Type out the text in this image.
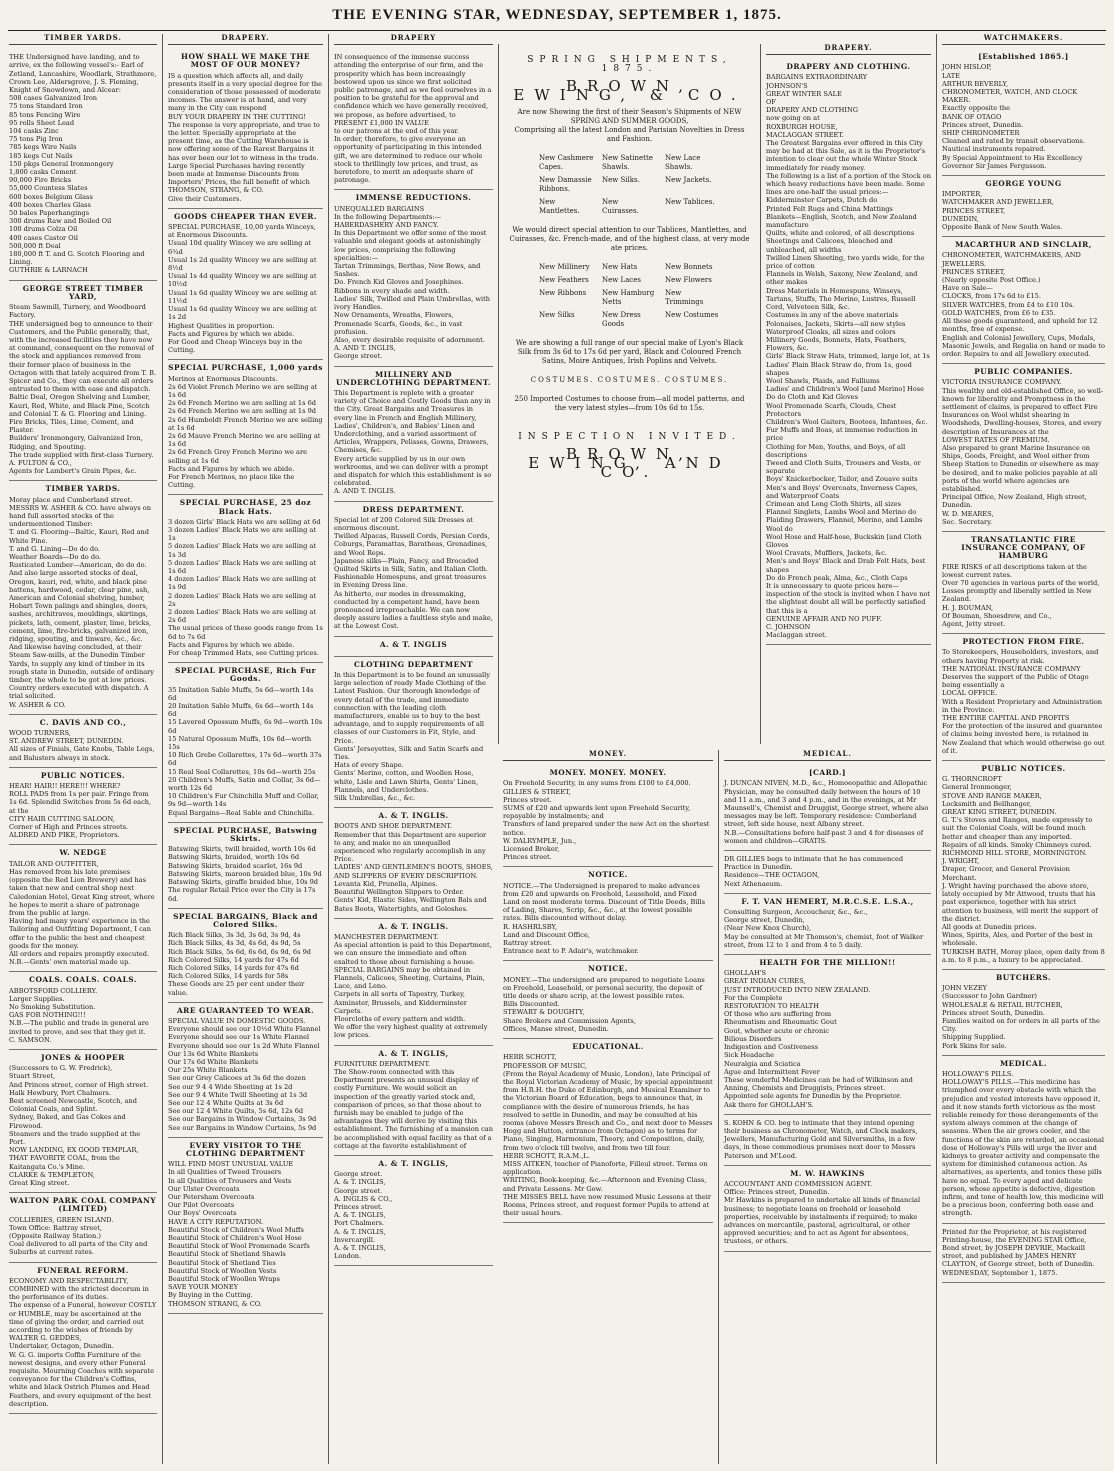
THE EVENING STAR, WEDNESDAY, SEPTEMBER 1, 1875.
TIMBER YARDS.
THE Undersigned have landing, and to arrive, ex the following vessel's:- Earl of Zetland, Lancashire, Woodlark, Strathmore, Crown Lee, Aldersgrove, J. S. Fleming, Knight of Snowdown, and Alcear:
508 cases Galvanized Iron
75 tons Standard Iron
85 tons Fencing Wire
95 rolls Sheet Lead
104 casks Zinc
75 tons Pig Iron
785 kegs Wire Nails
185 kegs Cut Nails
150 pkgs General Ironmongery
1,800 casks Cement
90,000 Fire Bricks
55,000 Countess Slates
600 boxes Belgium Glass
400 boxes Charles Glass
50 bales Paperhangings
300 drums Raw and Boiled Oil
100 drums Colza Oil
400 cases Castor Oil
500,000 ft Deal
180,000 ft T. and G. Scotch Flooring and Lining.
GUTHRIE & LARNACH
GEORGE STREET TIMBER YARD,
Steam Sawmill, Turnery, and Woodboard Factory.
THE undersigned beg to announce to their Customers, and the Public generally, that, with the increased facilities they have now at command, consequent on the removal of the stock and appliances removed from their former place of business in the Octagon with that lately acquired from T. B. Spicer and Co., they can execute all orders entrusted to them with ease and dispatch.
Baltic Deal, Oregon Shelving and Lumber, Kauri, Red, White, and Black Pine, Scotch and Colonial T. & G. Flooring and Lining.
Fire Bricks, Tiles, Lime, Cement, and Plaster.
Builders' Ironmongery, Galvanized Iron, Ridging, and Spouting.
The trade supplied with first-class Turnery.
A. FULTON & CO.,
Agents for Lambert's Grain Pipes, &c.
TIMBER YARDS.
Moray place and Cumberland street.
MESSRS W. ASHER & CO. have always on hand full assorted stocks of the undermentioned Timber:
T. and G. Flooring—Baltic, Kauri, Red and White Pine.
T. and G. Lining—Do do do.
Weather Boards—Do do do.
Rusticated Lumber—American, do do do.
And also large assorted stocks of deal, Oregon, kauri, red, white, and black pine battens, hardwood, cedar, clear pine, ash, American and Colonial shelving, lumber, Hobart Town palings and shingles, doors, sashes, architraves, mouldings, skirtings, pickets, lath, cement, plaster, lime, bricks, cement, lime, fire-bricks, galvanized iron, ridging, spouting, and tinware, &c., &c.
And likewise having concluded, at their Steam Saw-mills, at the Dunedin Timber Yards, to supply any kind of timber in its rough state in Dunedin, outside of ordinary timber, the whole to be got at low prices.
Country orders executed with dispatch. A trial solicited.
W. ASHER & CO.
C. DAVIS AND CO.,
WOOD TURNERS,
ST. ANDREW STREET, DUNEDIN.
All sizes of Finials, Gate Knobs, Table Legs, and Balusters always in stock.
PUBLIC NOTICES.
HEAR! HAIR!! HERE!!! WHERE?
ROLL PADS from 1s per pair. Fringe from 1s 6d. Splendid Switches from 5s 6d each, at the
CITY HAIR CUTTING SALOON,
Corner of High and Princes streets.
ALDRED AND PIKE, Proprietors.
W. NEDGE
TAILOR AND OUTFITTER,
Has removed from his late premises (opposite the Red Lion Brewery) and has taken that new and central shop next Caledonian Hotel, Great King street, where he hopes to merit a share of patronage from the public at large.
Having had many years' experience in the Tailoring and Outfitting Department, I can offer to the public the best and cheapest goods for the money.
All orders and repairs promptly executed.
N.B.—Gents' own material made up.
COALS. COALS. COALS.
ABBOTSFORD COLLIERY.
Larger Supplies.
No Smoking Substitution.
GAS FOR NOTHING!!!
N.B.—The public and trade in general are invited to prove, and see that they get it.
C. SAMSON.
JONES & HOOPER
(Successors to G. W. Fredrick),
Stuart Street,
And Princes street, corner of High street.
Halk Hewbury, Port Chalmers.
Best screened Newcastle, Scotch, and Colonial Coals, and Splint.
Sydney, Baked, and Gas Cokes and Firewood.
Steamers and the trade supplied at the Port.
NOW LANDING, EX GOOD TEMPLAR,
THAT FAVORITE COAL, from the Kaitangata Co.'s Mine.
CLARKE & TEMPLETON,
Great King street.
WALTON PARK COAL COMPANY (LIMITED)
COLLIERIES, GREEN ISLAND.
Town Office: Rattray street,
(Opposite Railway Station.)
Coal delivered to all parts of the City and Suburbs at current rates.
FUNERAL REFORM.
ECONOMY AND RESPECTABILITY,
COMBINED with the strictest decorum in the performance of its duties.
The expense of a Funeral, however COSTLY or HUMBLE, may be ascertained at the time of giving the order, and carried out according to the wishes of friends by
WALTER G. GEDDES,
Undertaker, Octagon, Dunedin.
W. G. G. imports Coffin Furniture of the newest designs, and every other Funeral requisite. Mourning Coaches with separate conveyance for the Children's Coffins, white and black Ostrich Plumes and Head Feathers, and every equipment of the best description.
DRAPERY.
HOW SHALL WE MAKE THE MOST OF OUR MONEY?
IS a question which affects all, and daily presents itself in a very special degree for the consideration of those possessed of moderate incomes. The answer is at hand, and very many in the City can respond
BUY YOUR DRAPERY IN THE CUTTING!
The response is very appropriate, and true to the letter. Specially appropriate at the present time, as the Cutting Warehouse is now offering some of the Rarest Bargains it has ever been our lot to witness in the trade. Large Special Purchases having recently been made at Immense Discounts from Importers' Prices, the full benefit of which
THOMSON, STRANG, & CO.
Give their Customers.
GOODS CHEAPER THAN EVER.
SPECIAL PURCHASE, 10,00 yards Winceys, at Enormous Discounts.
Usual 10d quality Wincey we are selling at 6¾d
Usual 1s 2d quality Wincey we are selling at 8½d
Usual 1s 4d quality Wincey we are selling at 10½d
Usual 1s 6d quality Wincey we are selling at 11½d
Usual 1s 6d quality Wincey we are selling at 1s 2d
Highest Qualities in proportion.
Facts and Figures by which we abide.
For Good and Cheap Winceys buy in the Cutting.
SPECIAL PURCHASE, 1,000 yards
Merinos at Enormous Discounts.
2s 6d Violet French Merino we are selling at 1s 6d
2s 6d French Merino we are selling at 1s 6d
2s 6d French Merino we are selling at 1s 9d
2s 6d Humboldt French Merino we are selling at 1s 6d
2s 6d Mauve French Merino we are selling at 1s 6d
2s 6d French Grey French Merino we are selling at 1s 6d
Facts and Figures by which we abide.
For French Merinos, no place like the Cutting.
SPECIAL PURCHASE, 25 doz Black Hats.
3 dozen Girls' Black Hats we are selling at 6d
3 dozen Ladies' Black Hats we are selling at 1s
5 dozen Ladies' Black Hats we are selling at 1s 3d
5 dozen Ladies' Black Hats we are selling at 1s 6d
4 dozen Ladies' Black Hats we are selling at 1s 9d
2 dozen Ladies' Black Hats we are selling at 2s
2 dozen Ladies' Black Hats we are selling at 2s 6d
The usual prices of these goods range from 1s 6d to 7s 6d
Facts and Figures by which we abide.
For cheap Trimmed Hats, see Cutting prices.
SPECIAL PURCHASE, Rich Fur Goods.
35 Imitation Sable Muffs, 5s 6d—worth 14s 6d
20 Imitation Sable Muffs, 6s 6d—worth 14s 6d
15 Lavered Opossum Muffs, 6s 9d—worth 10s 6d
15 Natural Opossum Muffs, 10s 6d—worth 15s
10 Rich Grebe Collarettes, 17s 6d—worth 37s 6d
15 Real Seal Collarettes, 10s 6d—worth 25s
20 Children's Muffs, Satin and Collar, 3s 6d—worth 12s 6d
10 Children's Fur Chinchilla Muff and Collar, 9s 9d—worth 14s
Equal Bargains—Real Sable and Chinchilla.
SPECIAL PURCHASE, Batswing Skirts.
Batswing Skirts, twill braided, worth 10s 6d
Batswing Skirts, braided, worth 10s 6d
Batswing Skirts, braided scarlet, 16s 9d
Batswing Skirts, maroon braided blue, 10s 9d
Batswing Skirts, giraffe braided blue, 10s 9d
The regular Retail Price over the City is 17s 6d.
SPECIAL BARGAINS, Black and Colored Silks.
Rich Black Silks, 3s 3d, 3s 6d, 3s 9d, 4s
Rich Black Silks, 4s 3d, 4s 6d, 4s 9d, 5s
Rich Black Silks, 5s 6d, 6s 6d, 6s 9d, 6s 9d
Rich Colored Silks, 14 yards for 47s 6d
Rich Colored Silks, 14 yards for 47s 6d
Rich Colored Silks, 14 yards for 58s
These Goods are 25 per cent under their value.
ARE GUARANTEED TO WEAR.
SPECIAL VALUE IN DOMESTIC GOODS.
Everyone should see our 10½d White Flannel
Everyone should see our 1s White Flannel
Everyone should see our 1s 2d White Flannel
Our 13s 6d White Blankets
Our 17s 6d White Blankets
Our 25s White Blankets
See our Grey Calicoes at 3s 6d the dozen
See our 9 4 4 Wide Sheeting at 1s 2d
See our 9 4 White Twill Sheeting at 1s 3d
See our 12 4 White Quilts at 3s 6d
See our 12 4 White Quilts, 5s 6d, 12s 6d
See our Bargains in Window Curtains, 3s 9d
See our Bargains in Window Curtains, 5s 9d
EVERY VISITOR TO THE CLOTHING DEPARTMENT
WILL FIND MOST UNUSUAL VALUE
In all Qualities of Tweed Trousers
In all Qualities of Trousers and Vests
Our Ulster Overcoats
Our Petersham Overcoats
Our Pilot Overcoats
Our Boys' Overcoats
HAVE A CITY REPUTATION.
Beautiful Stock of Children's Wool Muffs
Beautiful Stock of Children's Wool Hose
Beautiful Stock of Wool Promenade Scarfs
Beautiful Stock of Shetland Shawls
Beautiful Stock of Shetland Ties
Beautiful Stock of Woollen Vests
Beautiful Stock of Woollen Wraps
SAVE YOUR MONEY
By Buying in the Cutting.
THOMSON STRANG, & CO.
DRAPERY
IN consequence of the immense success attending the enterprise of our firm, and the prosperity which has been increasingly bestowed upon us since we first solicited public patronage, and as we feel ourselves in a position to be grateful for the approval and confidence which we have generally received, we propose, as before advertised, to
PRESENT £1,000 IN VALUE
to our patrons at the end of this year.
In order, therefore, to give everyone an opportunity of participating in this intended gift, we are determined to reduce our whole stock to thrillingly low prices, and trust, as heretofore, to merit an adequate share of patronage.
IMMENSE REDUCTIONS.
UNEQUALLED BARGAINS
In the following Departments:—
HABERDASHERY AND FANCY.
In this Department we offer some of the most valuable and elegant goods at astonishingly low prices, comprising the following specialties:—
Tartan Trimmings, Berthas, New Bows, and Sashes.
Do. French Kid Gloves and Josephines.
Ribbons in every shade and width.
Ladies' Silk, Twilled and Plain Umbrellas, with ivory Handles.
New Ornaments, Wreaths, Flowers, Promenade Scarfs, Goods, &c., in vast profusion.
Also, every desirable requisite of adornment.
A. AND T. INGLIS,
George street.
MILLINERY AND UNDERCLOTHING DEPARTMENT.
This Department is replete with a greater variety of Choice and Costly Goods than any in the City. Great Bargains and Treasures in every line in French and English Millinery, Ladies', Children's, and Babies' Linen and Underclothing, and a varied assortment of Articles, Wrappers, Pelisses, Gowns, Drawers, Chemises, &c.
Every article supplied by us in our own workrooms, and we can deliver with a prompt and dispatch for which this establishment is so celebrated.
A. AND T. INGLIS.
DRESS DEPARTMENT.
Special lot of 200 Colored Silk Dresses at enormous discount.
Twilled Alpacas, Russell Cords, Persian Cords, Coburgs, Paramattas, Baratheas, Grenadines, and Wool Reps.
Japanese silks—Plain, Fancy, and Brocaded Quilted Skirts in Silk, Satin, and Italian Cloth.
Fashionable Homespuns, and great treasures in Evening Dress line.
As hitherto, our modes in dressmaking, conducted by a competent hand, have been pronounced irreproachable. We can now deeply assure ladies a faultless style and make, at the Lowest Cost.
A. & T. INGLIS
CLOTHING DEPARTMENT
In this Department is to be found an unusually large selection of ready Made Clothing of the Latest Fashion. Our thorough knowledge of every detail of the trade, and immediate connection with the leading cloth manufacturers, enable us to buy to the best advantage, and to supply requirements of all classes of our Customers in Fit, Style, and Price.
Gents' Jerseyettes, Silk and Satin Scarfs and Ties.
Hats of every Shape.
Gents' Merino, cotton, and Woollen Hose, white, Lisle and Lawn Shirts, Gents' Linen, Flannels, and Underclothes.
Silk Umbrellas, &c., &c.
A. & T. INGLIS.
BOOTS AND SHOE DEPARTMENT.
Remember that this Department are superior to any, and make no an unequalled experienced who regularly accomplish in any Price.
LADIES' AND GENTLEMEN'S BOOTS, SHOES, AND SLIPPERS OF EVERY DESCRIPTION.
Levanta Kid, Prunella, Alpines.
Beautiful Wellington Slippers to Order.
Gents' Kid, Elastic Sides, Wellington Bals and Bates Boots, Watertights, and Goloshes.
A. & T. INGLIS.
MANCHESTER DEPARTMENT.
As special attention is paid to this Department, we can ensure the immediate and often exalted to those about furnishing a house.
SPECIAL BARGAINS may be obtained in Flannels, Calicoes, Sheeting, Curtains, Plain, Lace, and Leno.
Carpets in all sorts of Tapestry, Turkey, Axminster, Brussels, and Kidderminster Carpets.
Floorcloths of every pattern and width.
We offer the very highest quality at extremely low prices.
A. & T. INGLIS,
FURNITURE DEPARTMENT.
The Show-room connected with this Department presents an unusual display of costly Furniture. We would solicit an inspection of the greatly varied stock and, comparison of prices, so that those about to furnish may be enabled to judge of the advantages they will derive by visiting this establishment. The furnishing of a mansion can be accomplished with equal facility as that of a cottage at the favorite establishment of
A. & T. INGLIS,
George street.
A. & T. INGLIS,
George street.
A. INGLIS & CO.,
Princes street.
A. & T. INGLIS,
Port Chalmers.
A. & T. INGLIS,
Invercargill.
A. & T. INGLIS,
London.
SPRING SHIPMENTS, 1875.
BROWN, EWING, & CO.
Are now Showing the first of their Season's Shipments of NEW SPRING AND SUMMER GOODS,
Comprising all the latest London and Parisian Novelties in Dress and Fashion.
New Cashmere Capes.
New Satinette Shawls.
New Lace Shawls.
New Damassie Ribbons.
New Silks.	New Jackets.
New Mantlettes.
New Cuirasses.
New Tablices.
We would direct special attention to our Tablices, Mantlettes, and Cuirasses, &c. French-made, and of the highest class, at very mode ate prices.
New Millinery	New Hats	New Bonnets
New Feathers	New Laces	New Flowers
New Ribbons	New Hamburg Netts
New Trimmings
New Silks	New Dress Goods
New Costumes
We are showing a full range of our special make of Lyon's Black Silk from 3s 6d to 17s 6d per yard, Black and Coloured French Satins, Moire Antiques, Irish Poplins and Velvets.
COSTUMES. COSTUMES. COSTUMES.
250 Imported Costumes to choose from—all model patterns, and the very latest styles—from 10s 6d to 15s.
INSPECTION INVITED.
BROWN, EWING, AND CO.
MONEY.
MONEY. MONEY. MONEY.
On Freehold Security, in any sums from £100 to £4,000.
GILLIES & STREET,
Princes street.
SUMS of £20 and upwards lent upon Freehold Security, repayable by instalments; and
Transfers of land prepared under the new Act on the shortest notice.
W. DALRYMPLE, Jun.,
Licensed Broker,
Princes street.
NOTICE.
NOTICE.—The Undersigned is prepared to make advances from £20 and upwards on Freehold, Leasehold, and Fixed Land on most moderate terms. Discount of Title Deeds, Bills of Lading, Shares, Scrip, &c., &c., at the lowest possible rates. Bills discounted without delay.
R. HASHRLSBY,
Land and Discount Office,
Rattray street.
Entrance next to P. Adair's, watchmaker.
NOTICE.
MONEY.—The undersigned are prepared to negotiate Loans on Freehold, Leasehold, or personal security, the deposit of title deeds or share scrip, at the lowest possible rates.
Bills Discounted.
STEWART & DOUGHTY,
Share Brokers and Commission Agents,
Offices, Manse street, Dunedin.
EDUCATIONAL.
HERR SCHOTT,
PROFESSOR OF MUSIC,
(From the Royal Academy of Music, London), late Principal of the Royal Victorian Academy of Music, by special appointment from H.R.H. the Duke of Edinburgh, and Musical Examiner to the Victorian Board of Education, begs to announce that, in compliance with the desire of numerous friends, he has resolved to settle in Dunedin, and may be consulted at his rooms (above Messrs Bresch and Co., and next door to Messrs Hogg and Hutton, entrance from Octagon) as to terms for Piano, Singing, Harmonium, Theory, and Composition, daily, from two o'clock till twelve, and from two till four.
HERR SCHOTT, R.A.M.,L.
MISS AITKEN, teacher of Pianoforte, Filleul street. Terms on application.
WRITING, Book-keeping, &c.—Afternoon and Evening Class, and Private Lessons. Mr Gow.
THE MISSES BELL have now resumed Music Lessons at their Rooms, Princes street, and request former Pupils to attend at their usual hours.
MEDICAL.
[CARD.]
J. DUNCAN NIVEN, M.D., &c., Homoeopathic and Allopathic Physician, may be consulted daily between the hours of 10 and 11 a.m., and 3 and 4 p.m., and in the evenings, at Mr Maunsell's, Chemist and Druggist, George street, where also messages may be left. Temporary residence: Cumberland street, left side house, next Albany street.
N.B.—Consultations before half-past 3 and 4 for diseases of women and children—GRATIS.
DR GILLIES begs to intimate that he has commenced Practice in Dunedin.
Residence—THE OCTAGON,
Next Athenaeum.
F. T. VAN HEMERT, M.R.C.S.E. L.S.A.,
Consulting Surgeon, Accoucheur, &c., &c.,
George street, Dunedin,
(Near New Knox Church),
May be consulted at Mr Thomson's, chemist, foot of Walker street, from 12 to 1 and from 4 to 5 daily.
HEALTH FOR THE MILLION!!
GHOLLAH'S
GREAT INDIAN CURES,
JUST INTRODUCED INTO NEW ZEALAND.
For the Complete
RESTORATION TO HEALTH
Of those who are suffering from
Rheumatism and Rheumatic Gout
Gout, whether acute or chronic
Bilious Disorders
Indigestion and Costiveness
Sick Headache
Neuralgia and Sciatica
Ague and Intermittent Fever
These wonderful Medicines can be had of Wilkinson and Anning, Chemists and Druggists, Princes street.
Appointed sole agents for Dunedin by the Proprietor.
Ask there for GHOLLAH'S.
S. KOHN & CO. beg to intimate that they intend opening their business as Chronometer, Watch, and Clock makers, Jewellers, Manufacturing Gold and Silversmiths, in a few days, in those commodious premises next door to Messrs Paterson and M'Leod.
M. W. HAWKINS
ACCOUNTANT AND COMMISSION AGENT.
Office: Princes street, Dunedin.
Mr Hawkins is prepared to undertake all kinds of financial business; to negotiate loans on freehold or leasehold properties, receivable by instalments if required; to make advances on mercantile, pastoral, agricultural, or other approved securities; and to act as Agent for absentees, trustees, or others.
DRAPERY.
DRAPERY AND CLOTHING.
BARGAINS EXTRAORDINARY
JOHNSON'S
GREAT WINTER SALE
OF
DRAPERY AND CLOTHING
now going on at
ROXBURGH HOUSE,
MACLAGGAN STREET.
The Greatest Bargains ever offered in this City may be had at this Sale, as it is the Proprietor's intention to clear out the whole Winter Stock immediately for ready money.
The following is a list of a portion of the Stock on which heavy reductions have been made. Some lines are one-half the usual prices:—
Kidderminster Carpets, Dutch do
Printed Felt Rugs and China Mattings
Blankets—English, Scotch, and New Zealand manufacture
Quilts, white and colored, of all descriptions
Sheetings and Calicoes, bleached and unbleached, all widths
Twilled Linen Sheeting, two yards wide, for the price of cotton
Flannels in Welsh, Saxony, New Zealand, and other makes
Dress Materials in Homespuns, Winseys, Tartans, Stuffs, The Merino, Lustres, Russell Cord, Velveteen Silk, &c.
Costumes in any of the above materials
Polonaises, Jackets, Skirts—all new styles
Waterproof Cloaks, all sizes and colors
Millinery Goods, Bonnets, Hats, Feathers, Flowers, &c.
Girls' Black Straw Hats, trimmed, large lot, at 1s
Ladies' Plain Black Straw do, from 1s, good shapes
Wool Shawls, Plaids, and Falliums
Ladies' and Children's Wool [and Merino] Hose
Do do Cloth and Kid Gloves
Wool Promenade Scarfs, Clouds, Chest Protectors
Children's Wool Gaiters, Bootees, Infantees, &c.
Fur Muffs and Boas, at immense reduction in price
Clothing for Men, Youths, and Boys, of all descriptions
Tweed and Cloth Suits, Trousers and Vests, or separate
Boys' Knickerbocker, Tailor, and Zouave suits
Men's and Boys' Overcoats, Inverness Capes, and Waterproof Coats
Crimean and Long Cloth Shirts, all sizes
Flannel Singlets, Lambs Wool and Merino do
Plaiding Drawers, Flannel, Merino, and Lambs Wool do
Wool Hose and Half-hose, Buckskin [and Cloth Gloves
Wool Cravats, Mufflers, Jackets, &c.
Men's and Boys' Black and Drab Felt Hats, best shapes
Do do French peak, Alma, &c., Cloth Caps
It is unnecessary to quote prices here—inspection of the stock is invited when I have not the slightest doubt all will be perfectly satisfied that this is a
GENUINE AFFAIR AND NO PUFF.
C. JOHNSON
Maclaggan street.
WATCHMAKERS.
[Established 1865.]
JOHN HISLOP,
LATE
ARTHUR BEVERLY,
CHRONOMETER, WATCH, AND CLOCK MAKER.
Exactly opposite the
BANK OF OTAGO
Princes street, Dunedin.
SHIP CHRONOMETER
Cleaned and rated by transit observations. Nautical instruments repaired.
By Special Appointment to His Excellency Governor Sir James Fergusson.
GEORGE YOUNG
IMPORTER,
WATCHMAKER AND JEWELLER,
PRINCES STREET,
DUNEDIN,
Opposite Bank of New South Wales.
MACARTHUR AND SINCLAIR,
CHRONOMETER, WATCHMAKERS, AND JEWELLERS.
PRINCES STREET,
(Nearly opposite Post Office.)
Have on Sale—
CLOCKS, from 17s 6d to £15.
SILVER WATCHES, from £4 to £10 10s.
GOLD WATCHES, from £6 to £35.
All these goods guaranteed, and upheld for 12 months, free of expense.
English and Colonial Jewellery, Cups, Medals, Masonic Jewels, and Regalia on hand or made to order. Repairs to and all Jewellery executed.
PUBLIC COMPANIES.
VICTORIA INSURANCE COMPANY.
This wealthy and old-established Office, so well-known for liberality and Promptness in the settlement of claims, is prepared to effect Fire Insurances on Wool whilst shearing in Woodsheds, Dwelling-houses, Stores, and every description of Insurances at the
LOWEST RATES OF PREMIUM.
Also prepared to grant Marine Insurance on Ships, Goods, Freight, and Wool either from Sheep Station to Dunedin or elsewhere as may be desired, and to make policies payable at all ports of the world where agencies are established.
Principal Office, New Zealand, High street, Dunedin.
W. D. MEARES,
Sec. Secretary.
TRANSATLANTIC FIRE INSURANCE COMPANY, OF HAMBURG
FIRE RISKS of all descriptions taken at the lowest current rates.
Over 70 agencies in various parts of the world, Losses promptly and liberally settled in New Zealand.
H. J. BOUMAN,
Of Bouman, Shoesdrew, and Co.,
Agent, Jetty street.
PROTECTION FROM FIRE.
To Storekeepers, Householders, investors, and others having Property at risk.
THE NATIONAL INSURANCE COMPANY
Deserves the support of the Public of Otago being essentially a
LOCAL OFFICE.
With a Resident Proprietary and Administration in the Province.
THE ENTIRE CAPITAL AND PROFITS
For the protection of the insured and guarantee of claims being invested here, is retained in New Zealand that which would otherwise go out of it.
PUBLIC NOTICES.
G. THORNCROFT
General Ironmonger,
STOVE AND RANGE MAKER,
Locksmith and Bellhanger,
GREAT KING STREET, DUNEDIN.
G. T.'s Stoves and Ranges, made expressly to suit the Colonial Coals, will be found much better and cheaper than any imported.
Repairs of all kinds. Smoky Chimneys cured.
RICHMOND HILL STORE, MORNINGTON.
J. WRIGHT,
Draper, Grocer, and General Provision Merchant.
J. Wright having purchased the above store, lately occupied by Mr Attwood, trusts that his past experience, together with his strict attention to business, will merit the support of the district.
All goods at Dunedin prices.
Wines, Spirits, Ales, and Porter of the best in wholesale.
TURKISH BATH, Moray place, open daily from 8 a.m. to 8 p.m., a luxury to be appreciated.
BUTCHERS.
JOHN VEZEY
(Successor to John Gardner)
WHOLESALE & RETAIL BUTCHER,
Princes street South, Dunedin.
Families waited on for orders in all parts of the City.
Shipping Supplied.
Pork Skins for sale.
MEDICAL.
HOLLOWAY'S PILLS.
HOLLOWAY'S PILLS.—This medicine has triumphed over every obstacle with which the prejudice and vested interests have opposed it, and it now stands forth victorious as the most reliable remedy for those derangements of the system always common at the change of seasons. When the air grows cooler, and the functions of the skin are retarded, an occasional dose of Holloway's Pills will urge the liver and kidneys to greater activity and compensate the system for diminished cutaneous action. As alternatives, as aperients, and tonics these pills have no equal. To every aged and delicate person, whose appetite is defective, digestion infirm, and tone of health low, this medicine will be a precious boon, conferring both ease and strength.
Printed for the Proprietor, at his registered Printing-house, the EVENING STAR Office, Bond street, by JOSEPH DEVRIE, Mackaill street, and published by JAMES HENRY CLAYTON, of George street, both of Dunedin. WEDNESDAY, September 1, 1875.
